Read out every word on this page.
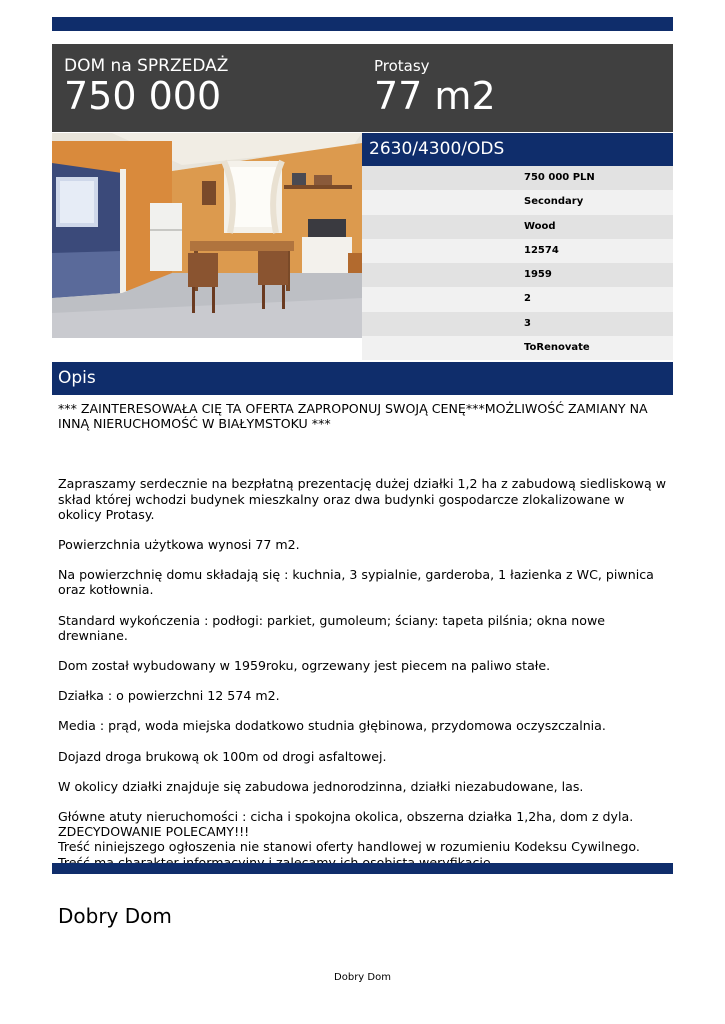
DOM na SPRZEDAŻ
750 000
Protasy
77 m2
2630/4300/ODS
750 000 PLN
Secondary
Wood
12574
1959
2
3
ToRenovate
Opis

*** ZAINTERESOWAŁA CIĘ TA OFERTA ZAPROPONUJ SWOJĄ CENĘ***MOŻLIWOŚĆ ZAMIANY NA INNĄ NIERUCHOMOŚĆ W BIAŁYMSTOKU ***

Zapraszamy serdecznie na bezpłatną prezentację dużej działki 1,2 ha z zabudową siedliskową w skład której wchodzi budynek mieszkalny oraz dwa budynki gospodarcze zlokalizowane w okolicy Protasy.

Powierzchnia użytkowa wynosi 77 m2.

Na powierzchnię domu składają się : kuchnia, 3 sypialnie, garderoba, 1 łazienka z WC, piwnica oraz kotłownia.

Standard wykończenia : podłogi: parkiet, gumoleum; ściany: tapeta pilśnia; okna nowe drewniane.

Dom został wybudowany w 1959roku, ogrzewany jest piecem na paliwo stałe.

Działka : o powierzchni 12 574 m2.

Media : prąd, woda miejska dodatkowo studnia głębinowa, przydomowa oczyszczalnia.

Dojazd droga brukową ok 100m od drogi asfaltowej.

W okolicy działki znajduje się zabudowa jednorodzinna, działki niezabudowane, las.

Główne atuty nieruchomości : cicha i spokojna okolica, obszerna działka 1,2ha, dom z dyla.

ZDECYDOWANIE POLECAMY!!!

Treść niniejszego ogłoszenia nie stanowi oferty handlowej w rozumieniu Kodeksu Cywilnego.

Dobry Dom
Dobry Dom
